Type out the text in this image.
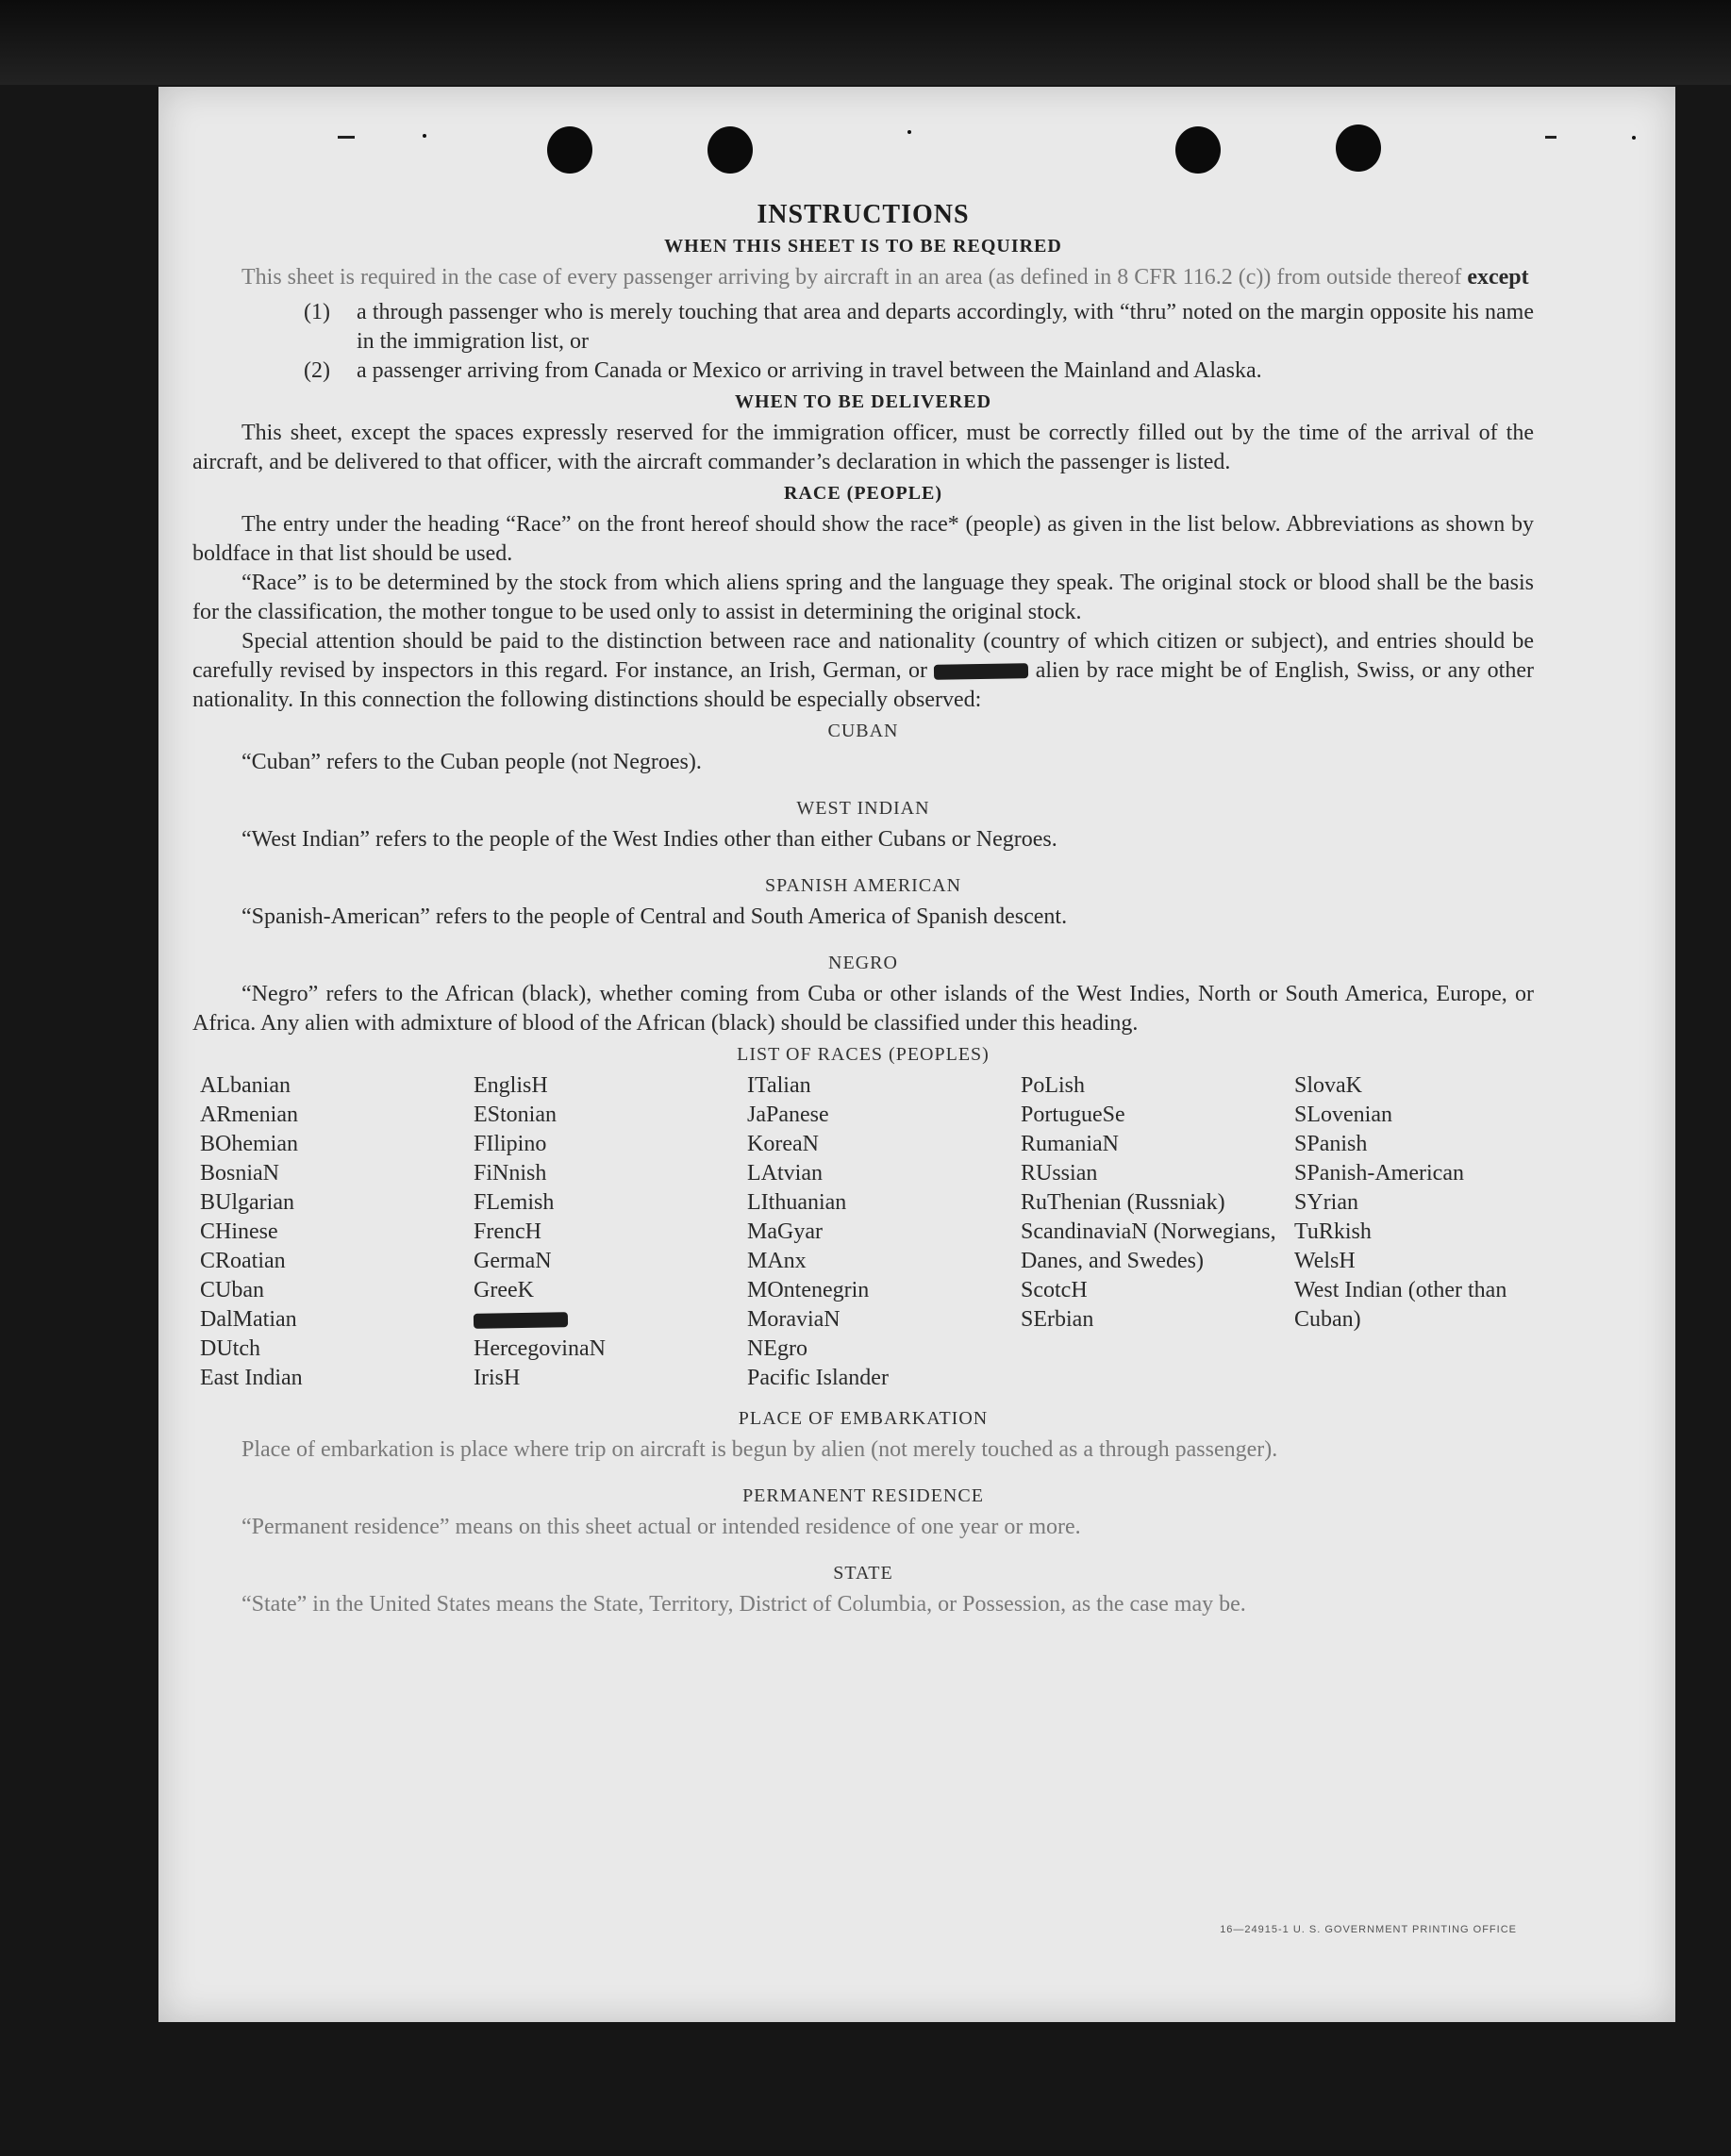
INSTRUCTIONS
WHEN THIS SHEET IS TO BE REQUIRED

This sheet is required in the case of every passenger arriving by aircraft in an area (as defined in 8 CFR 116.2 (c)) from outside thereof except

(1)	a through passenger who is merely touching that area and departs accordingly, with “thru” noted on the margin opposite his name in the immigration list, or
(2)	a passenger arriving from Canada or Mexico or arriving in travel between the Mainland and Alaska.
WHEN TO BE DELIVERED

This sheet, except the spaces expressly reserved for the immigration officer, must be correctly filled out by the time of the arrival of the aircraft, and be delivered to that officer, with the aircraft commander’s declaration in which the passenger is listed.

RACE (PEOPLE)

The entry under the heading “Race” on the front hereof should show the race* (people) as given in the list below. Abbreviations as shown by boldface in that list should be used.

“Race” is to be determined by the stock from which aliens spring and the language they speak. The original stock or blood shall be the basis for the classification, the mother tongue to be used only to assist in determining the original stock.

Special attention should be paid to the distinction between race and nationality (country of which citizen or subject), and entries should be carefully revised by inspectors in this regard. For instance, an Irish, German, or	alien by race might be of English, Swiss, or any other nationality. In this connection the following distinctions should be especially observed:

CUBAN

“Cuban” refers to the Cuban people (not Negroes).

WEST INDIAN

“West Indian” refers to the people of the West Indies other than either Cubans or Negroes.

SPANISH AMERICAN

“Spanish-American” refers to the people of Central and South America of Spanish descent.

NEGRO

“Negro” refers to the African (black), whether coming from Cuba or other islands of the West Indies, North or South America, Europe, or Africa. Any alien with admixture of blood of the African (black) should be classified under this heading.

LIST OF RACES (PEOPLES)
ALbanian
ARmenian
BOhemian
BosniaN
BUlgarian
CHinese
CRoatian
CUban
DalMatian
DUtch
East Indian
EnglisH
EStonian
FIlipino
FiNnish
FLemish
FrencH
GermaN
GreeK
HercegovinaN
IrisH
ITalian
JaPanese
KoreaN
LAtvian
LIthuanian
MaGyar
MAnx
MOntenegrin
MoraviaN
NEgro
Pacific Islander
PoLish
PortugueSe
RumaniaN
RUssian
RuThenian (Russniak)
ScandinaviaN (Norwegians, Danes, and Swedes)
ScotcH
SErbian
SlovaK
SLovenian
SPanish
SPanish-American
SYrian
TuRkish
WelsH
West Indian (other than Cuban)
PLACE OF EMBARKATION

Place of embarkation is place where trip on aircraft is begun by alien (not merely touched as a through passenger).

PERMANENT RESIDENCE

“Permanent residence” means on this sheet actual or intended residence of one year or more.

STATE

“State” in the United States means the State, Territory, District of Columbia, or Possession, as the case may be.

16—24915-1 U. S. GOVERNMENT PRINTING OFFICE
